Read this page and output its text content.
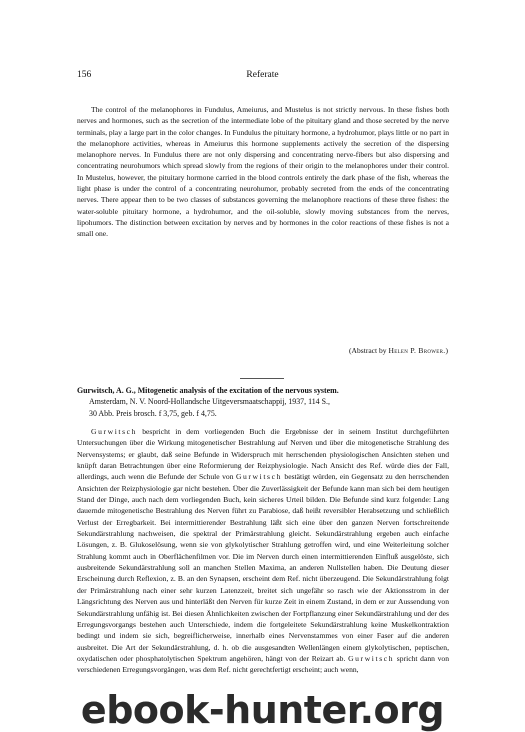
156	Referate

The control of the melanophores in Fundulus, Ameiurus, and Mustelus is not strictly nervous. In these fishes both nerves and hormones, such as the secretion of the intermediate lobe of the pituitary gland and those secreted by the nerve terminals, play a large part in the color changes. In Fundulus the pituitary hormone, a hydrohumor, plays little or no part in the melanophore activities, whereas in Ameiurus this hormone supplements actively the secretion of the dispersing melanophore nerves. In Fundulus there are not only dispersing and concentrating nerve-fibers but also dispersing and concentrating neurohumors which spread slowly from the regions of their origin to the melanophores under their control. In Mustelus, however, the pituitary hormone carried in the blood controls entirely the dark phase of the fish, whereas the light phase is under the control of a concentrating neurohumor, probably secreted from the ends of the concentrating nerves. There appear then to be two classes of substances governing the melanophore reactions of these three fishes: the water-soluble pituitary hormone, a hydrohumor, and the oil-soluble, slowly moving substances from the nerves, lipohumors. The distinction between excitation by nerves and by hormones in the color reactions of these fishes is not a small one.

(Abstract by Helen P. Brower.)
Gurwitsch, A. G., Mitogenetic analysis of the excitation of the nervous system.
Amsterdam, N. V. Noord-Hollandsche Uitgeversmaatschappij, 1937, 114 S.,
30 Abb. Preis brosch. f 3,75, geb. f 4,75.

Gurwitsch bespricht in dem vorliegenden Buch die Ergebnisse der in seinem Institut durchgeführten Untersuchungen über die Wirkung mitogenetischer Bestrahlung auf Nerven und über die mitogenetische Strahlung des Nervensystems; er glaubt, daß seine Befunde in Widerspruch mit herrschenden physiologischen Ansichten stehen und knüpft daran Betrachtungen über eine Reformierung der Reizphysiologie. Nach Ansicht des Ref. würde dies der Fall, allerdings, auch wenn die Befunde der Schule von Gurwitsch bestätigt würden, ein Gegensatz zu den herrschenden Ansichten der Reizphysiologie gar nicht bestehen. Über die Zuverlässigkeit der Befunde kann man sich bei dem heutigen Stand der Dinge, auch nach dem vorliegenden Buch, kein sicheres Urteil bilden. Die Befunde sind kurz folgende: Lang dauernde mitogenetische Bestrahlung des Nerven führt zu Parabiose, daß heißt reversibler Herabsetzung und schließlich Verlust der Erregbarkeit. Bei intermittierender Bestrahlung läßt sich eine über den ganzen Nerven fortschreitende Sekundärstrahlung nachweisen, die spektral der Primärstrahlung gleicht. Sekundärstrahlung ergeben auch einfache Lösungen, z. B. Glukoselösung, wenn sie von glykolytischer Strahlung getroffen wird, und eine Weiterleitung solcher Strahlung kommt auch in Oberflächenfilmen vor. Die im Nerven durch einen intermittierenden Einfluß ausgelöste, sich ausbreitende Sekundärstrahlung soll an manchen Stellen Maxima, an anderen Nullstellen haben. Die Deutung dieser Erscheinung durch Reflexion, z. B. an den Synapsen, erscheint dem Ref. nicht überzeugend. Die Sekundärstrahlung folgt der Primärstrahlung nach einer sehr kurzen Latenzzeit, breitet sich ungefähr so rasch wie der Aktionsstrom in der Längsrichtung des Nerven aus und hinterläßt den Nerven für kurze Zeit in einem Zustand, in dem er zur Aussendung von Sekundärstrahlung unfähig ist. Bei diesen Ähnlichkeiten zwischen der Fortpflanzung einer Sekundärstrahlung und der des Erregungsvorgangs bestehen auch Unterschiede, indem die fortgeleitete Sekundärstrahlung keine Muskelkontraktion bedingt und indem sie sich, begreiflicherweise, innerhalb eines Nervenstammes von einer Faser auf die anderen ausbreitet. Die Art der Sekundärstrahlung, d. h. ob die ausgesandten Wellenlängen einem glykolytischen, peptischen, oxydatischen oder phosphatolytischen Spektrum angehören, hängt von der Reizart ab. Gurwitsch spricht dann von verschiedenen Erregungsvorgängen, was dem Ref. nicht gerechtfertigt erscheint; auch wenn,

ebook-hunter.org
